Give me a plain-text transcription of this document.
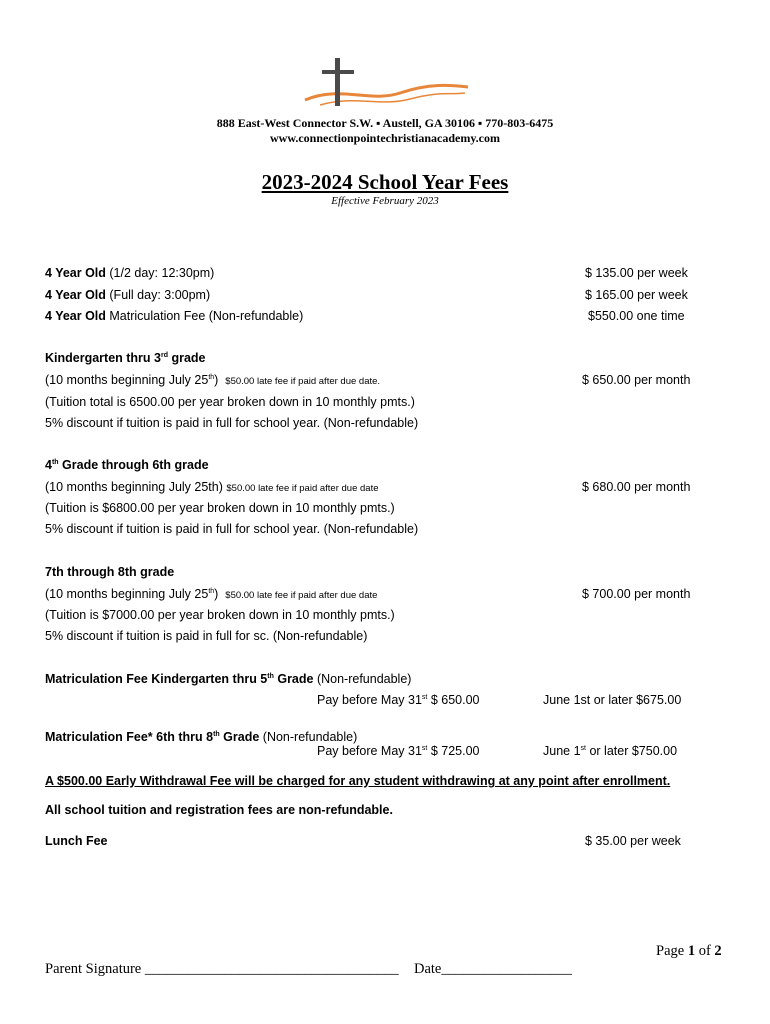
888 East-West Connector S.W. ▪ Austell, GA 30106 ▪ 770-803-6475
www.connectionpointechristianacademy.com
2023-2024 School Year Fees
Effective February 2023
4 Year Old (1/2 day: 12:30pm)	$ 135.00 per week
4 Year Old (Full day: 3:00pm)	$ 165.00 per week
4 Year Old Matriculation Fee (Non-refundable)	$550.00 one time
Kindergarten thru 3rd grade
(10 months beginning July 25th) $50.00 late fee if paid after due date.	$ 650.00 per month
(Tuition total is 6500.00 per year broken down in 10 monthly pmts.)
5% discount if tuition is paid in full for school year. (Non-refundable)
4th Grade through 6th grade
(10 months beginning July 25th) $50.00 late fee if paid after due date	$ 680.00 per month
(Tuition is $6800.00 per year broken down in 10 monthly pmts.)
5% discount if tuition is paid in full for school year. (Non-refundable)
7th through 8th grade
(10 months beginning July 25th) $50.00 late fee if paid after due date	$ 700.00 per month
(Tuition is $7000.00 per year broken down in 10 monthly pmts.)
5% discount if tuition is paid in full for sc. (Non-refundable)
Matriculation Fee Kindergarten thru 5th Grade (Non-refundable)
Pay before May 31st $ 650.00	June 1st or later $675.00
Matriculation Fee* 6th thru 8th Grade (Non-refundable)
Pay before May 31st $ 725.00	June 1st or later $750.00
A $500.00 Early Withdrawal Fee will be charged for any student withdrawing at any point after enrollment.
All school tuition and registration fees are non-refundable.
Lunch Fee	$ 35.00 per week
Page 1 of 2
Parent Signature ___________________________________ Date__________________
